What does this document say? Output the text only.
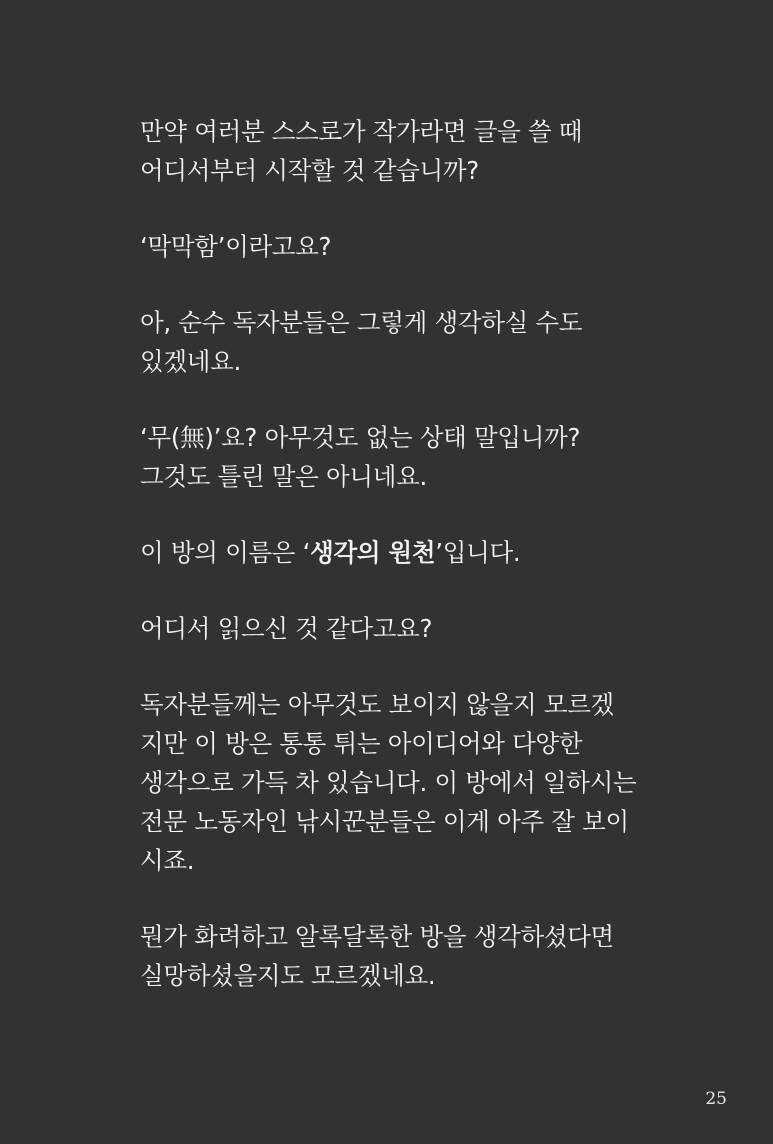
만약 여러분 스스로가 작가라면 글을 쓸 때
어디서부터 시작할 것 같습니까?

‘막막함’이라고요?

아, 순수 독자분들은 그렇게 생각하실 수도
있겠네요.

‘무(無)’요? 아무것도 없는 상태 말입니까?
그것도 틀린 말은 아니네요.

이 방의 이름은 ‘생각의 원천’입니다.

어디서 읽으신 것 같다고요?

독자분들께는 아무것도 보이지 않을지 모르겠
지만 이 방은 통통 튀는 아이디어와 다양한
생각으로 가득 차 있습니다. 이 방에서 일하시는
전문 노동자인 낚시꾼분들은 이게 아주 잘 보이
시죠.

뭔가 화려하고 알록달록한 방을 생각하셨다면
실망하셨을지도 모르겠네요.

25
